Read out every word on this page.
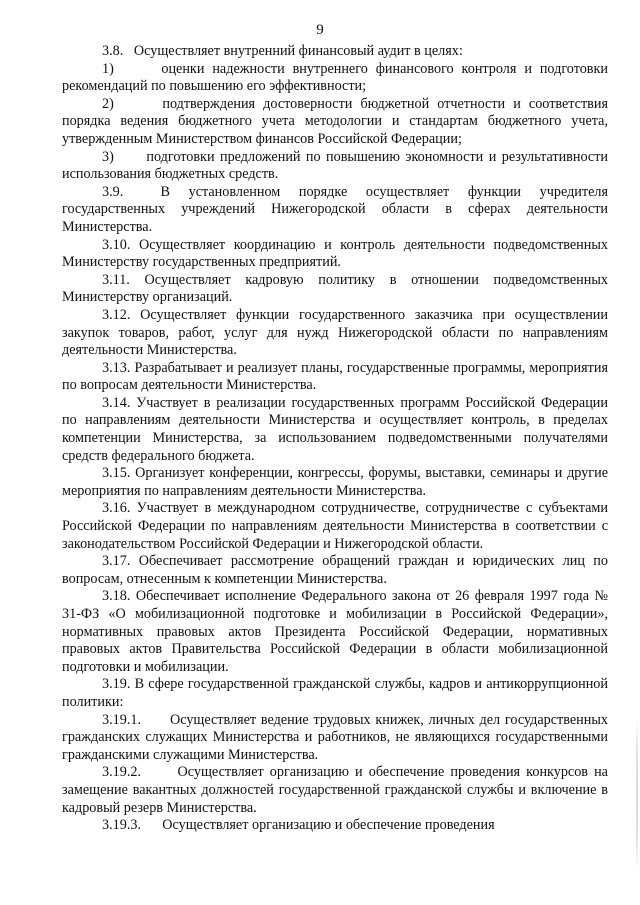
9

3.8.   Осуществляет внутренний финансовый аудит в целях:

1)      оценки надежности внутреннего финансового контроля и подготовки рекомендаций по повышению его эффективности;

2)      подтверждения достоверности бюджетной отчетности и соответствия порядка ведения бюджетного учета методологии и стандартам бюджетного учета, утвержденным Министерством финансов Российской Федерации;

3)      подготовки предложений по повышению экономности и результативности использования бюджетных средств.

3.9.  В установленном порядке осуществляет функции учредителя государственных учреждений Нижегородской области в сферах деятельности Министерства.

3.10. Осуществляет координацию и контроль деятельности подведомственных Министерству государственных предприятий.

3.11. Осуществляет кадровую политику в отношении подведомственных Министерству организаций.

3.12. Осуществляет функции государственного заказчика при осуществлении закупок товаров, работ, услуг для нужд Нижегородской области по направлениям деятельности Министерства.

3.13. Разрабатывает и реализует планы, государственные программы, мероприятия по вопросам деятельности Министерства.

3.14. Участвует в реализации государственных программ Российской Федерации по направлениям деятельности Министерства и осуществляет контроль, в пределах компетенции Министерства, за использованием подведомственными получателями средств федерального бюджета.

3.15. Организует конференции, конгрессы, форумы, выставки, семинары и другие мероприятия по направлениям деятельности Министерства.

3.16. Участвует в международном сотрудничестве, сотрудничестве с субъектами Российской Федерации по направлениям деятельности Министерства в соответствии с законодательством Российской Федерации и Нижегородской области.

3.17. Обеспечивает рассмотрение обращений граждан и юридических лиц по вопросам, отнесенным к компетенции Министерства.

3.18. Обеспечивает исполнение Федерального закона от 26 февраля 1997 года № 31-ФЗ «О мобилизационной подготовке и мобилизации в Российской Федерации», нормативных правовых актов Президента Российской Федерации, нормативных правовых актов Правительства Российской Федерации в области мобилизационной подготовки и мобилизации.

3.19. В сфере государственной гражданской службы, кадров и антикоррупционной политики:

3.19.1.      Осуществляет ведение трудовых книжек, личных дел государственных гражданских служащих Министерства и работников, не являющихся государственными гражданскими служащими Министерства.

3.19.2.      Осуществляет организацию и обеспечение проведения конкурсов на замещение вакантных должностей государственной гражданской службы и включение в кадровый резерв Министерства.

3.19.3.      Осуществляет организацию и обеспечение проведения
